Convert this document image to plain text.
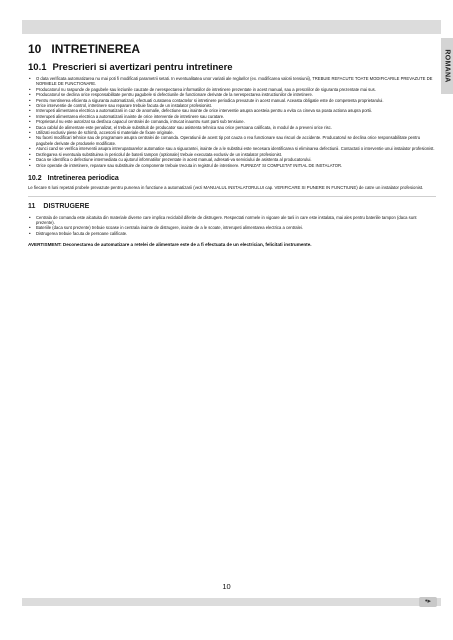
ROMANA
10 INTRETINEREA
10.1 Prescrieri si avertizari pentru intretinere
• O data verificata automatizarea nu mai poti fi modificati parametrii setati. In eventualitatea unor variatii ale reglarilor (ex. modificarea valorii tensiunii), TREBUIE REFACUTE TOATE MODIFICARILE PREVAZUTE DE NORMELE DE FUNCTIONARE.
• Producatorul nu raspunde de pagubele sau leziunile cauzate de nerespectarea informatiilor de intretinere prezentate in acest manual, sau a prescriilor de siguranta prezentate mai sus.
• Producatorul se declina orice responsabilitate pentru pagubele si defectiunile de functionare derivate de la nerespectarea instructiunilor de intretinere.
• Pentru mentinerea eficienta a siguranta automatizarii, efectuati curatarea contactelor si intretinere periodica prevazute in acest manual. Aceasta obligatie este de competenta proprietarului.
• Orice interventie de control, intretinere sau reparare trebuie facuta de un instalator profesionist.
• Intrerupeti alimentarea electrica a automatizarii in caz de anomalie, defectiune sau inainte de orice interventie asupra acesteia pentru a evita ca cineva sa poata actiona asupra portii.
• Intrerupeti alimentarea electrica a automatizarii inainte de orice interventie de intretinere sau curatare.
• Proprietarul nu este autorizat sa desfaca capacul centralei de comanda, intrucat inauntru sunt parti sub tensiune.
• Daca cablul de alimentare este penalizat, el trebuie substituit de producator sau asistenta tehnica sau orice persoana calificata, in modul de a preveni orice risc.
• Utilizati exclusiv piese de schimb, accesorii si materiale de fixare originale.
• Nu faceti modificari tehnice sau de programare asupra centralei de comanda. Operatiunii de acest tip pot cauza o rea functionare sau riscuri de accidente. Producatorul se declina orice responsabilitate pentru pagubele derivate de produsele modificate.
• Atunci cand se verifica interventii asupra intrerupatoarelor automatice sau a siguurantei, inainte de a le substitui este necesara identificarea si eliminarea defectiunii. Contactati o interventie unui instalator profesionist.
• Dezlegarea si eventuala substituirea in pericolul de baterii tampon (optionale) trebuie executata exclusiv de un instalator profesionist.
• Daca se identifica o defectiune intermediata cu ajutorul informatiilor prezentate in acest manual, adresati-va serviciului de asistenta al producatorului.
• Orice operatie de intretinere, reparare sau substituire de componente trebuie trecuta in registrul de intretinere. FURNIZAT SI COMPLETAT INITIAL DE INSTALATOR.
10.2 Intretinerea periodica

Le fiecare 6 luni repetati probele prevazute pentru punerea in functiune a automatizarii (vezi MANUALUL INSTALATORULUI cap. VERIFICARE SI PUNERE IN FUNCTIUNE) de catre un instalator profesionist.

11 DISTRUGERE
• Centrala de comanda este alcatuita din materiale diverse care implica reciclabil diferite de distrugere. Respectati normele in vigoare ale tarii in care este instalata, mai ales pentru bateriile tampon (daca sunt prezente).
• Bateriile (daca sunt prezente) trebuie scoase in centrala inainte de distrugere, inainte de a le scoate, intrerupeti alimentarea electrica a centralei.
• Distrugerea trebuie facuta de persoane calificate.

AVERTISMENT: Deconectarea de automatizare a retelei de alimentare este de a fi efectuata de un electrician, felicitati instrumente.

10
•▸
